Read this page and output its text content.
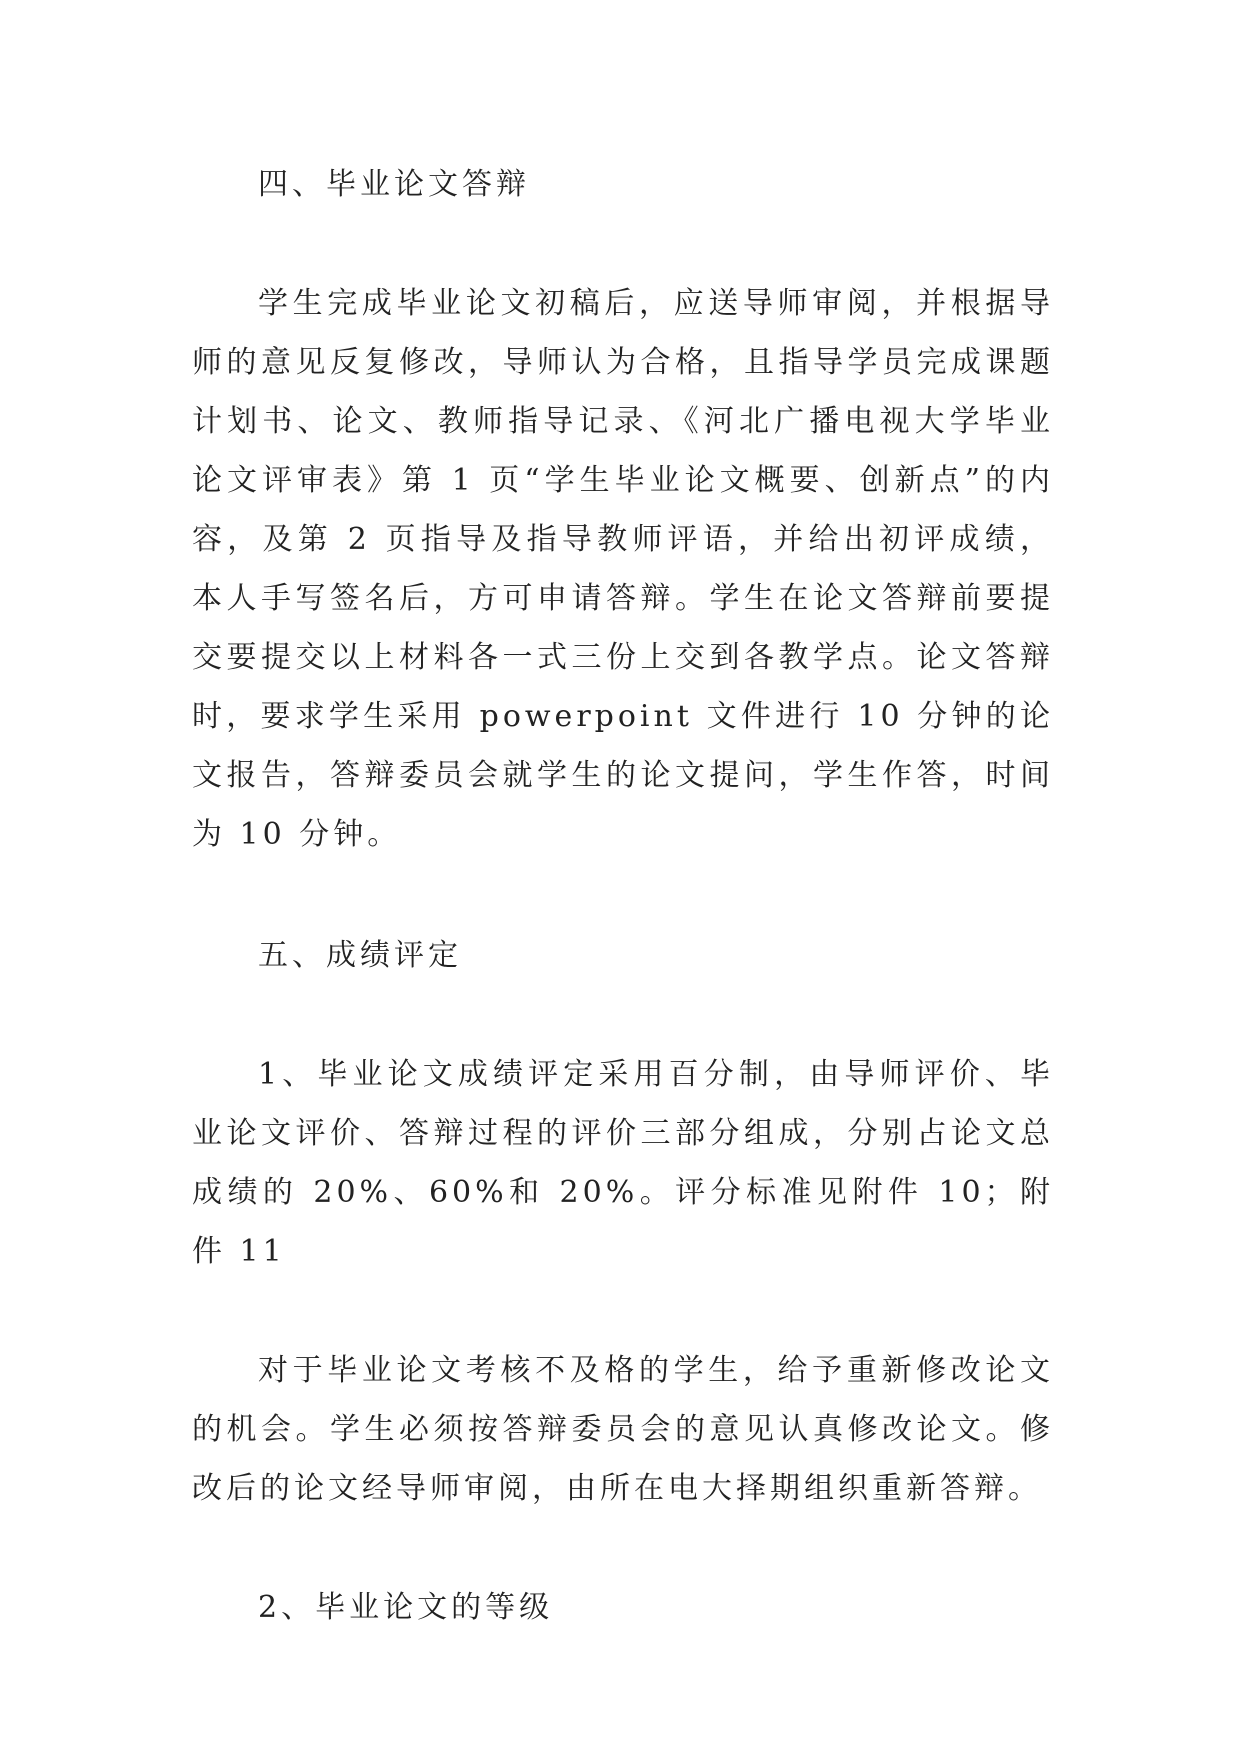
四、毕业论文答辩

学生完成毕业论文初稿后，应送导师审阅，并根据导师的意见反复修改，导师认为合格，且指导学员完成课题计划书、论文、教师指导记录、《河北广播电视大学毕业论文评审表》第 1 页“学生毕业论文概要、创新点”的内容，及第 2 页指导及指导教师评语，并给出初评成绩，本人手写签名后，方可申请答辩。学生在论文答辩前要提交要提交以上材料各一式三份上交到各教学点。论文答辩时，要求学生采用 powerpoint 文件进行 10 分钟的论文报告，答辩委员会就学生的论文提问，学生作答，时间为 10 分钟。

五、成绩评定

1、毕业论文成绩评定采用百分制，由导师评价、毕业论文评价、答辩过程的评价三部分组成，分别占论文总成绩的 20%、60%和 20%。评分标准见附件 10；附件 11

对于毕业论文考核不及格的学生，给予重新修改论文的机会。学生必须按答辩委员会的意见认真修改论文。修改后的论文经导师审阅，由所在电大择期组织重新答辩。

2、毕业论文的等级
